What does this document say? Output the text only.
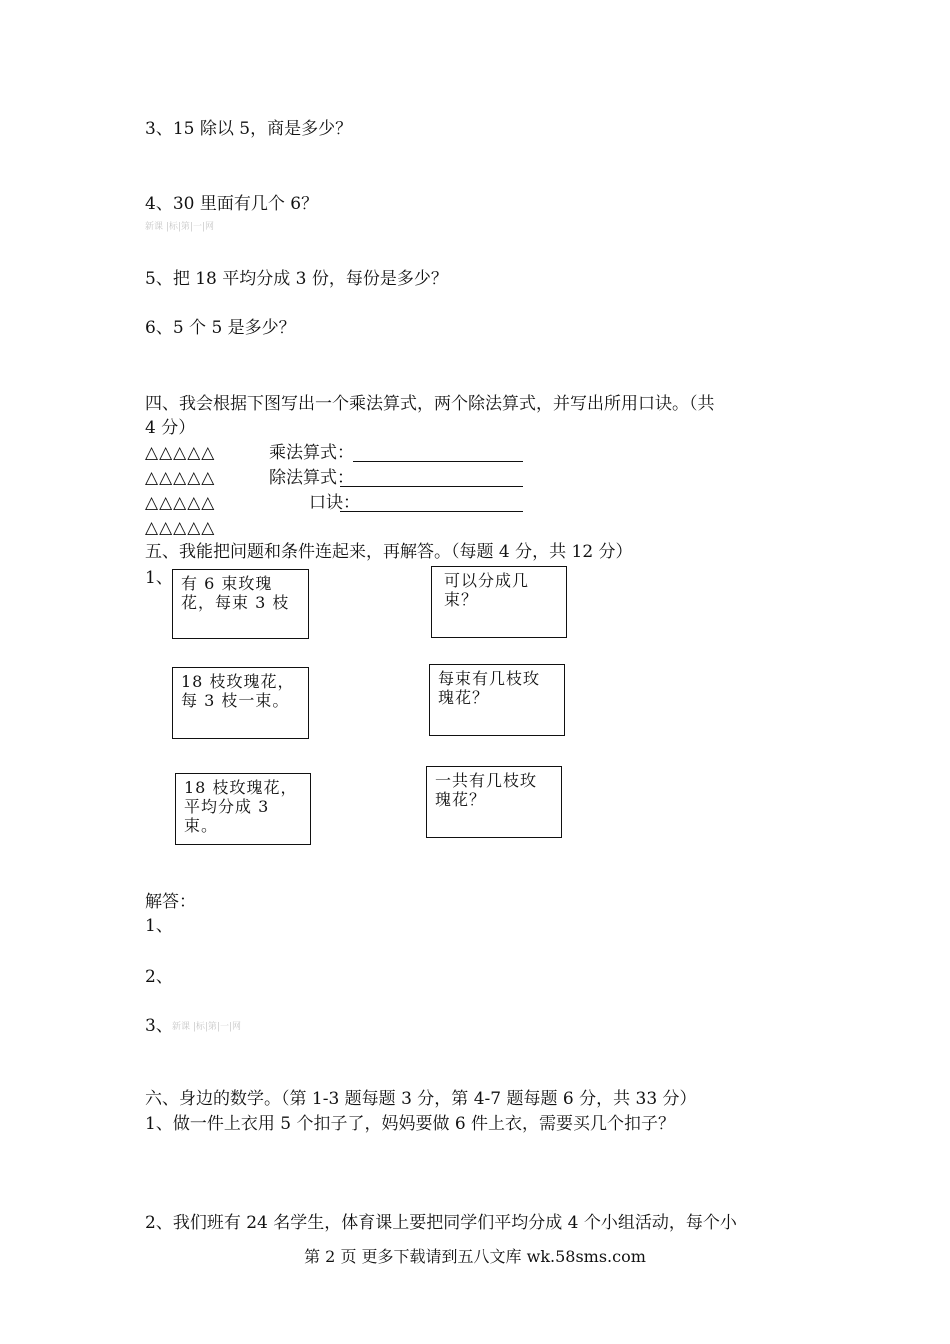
3、15 除以 5，商是多少？
4、30 里面有几个 6？
新课 |标|第|一|网
5、把 18 平均分成 3 份，每份是多少？
6、5 个 5 是多少？
四、我会根据下图写出一个乘法算式，两个除法算式，并写出所用口诀。（共
4 分）
△△△△△
△△△△△
△△△△△
△△△△△
乘法算式：
除法算式：
口诀：
五、我能把问题和条件连起来，再解答。（每题 4 分，共 12 分）
1、 有 6 束玫瑰花，每束 3 枝
18 枝玫瑰花，每 3 枝一束。
18 枝玫瑰花，平均分成 3 束。
可以分成几束？
每束有几枝玫瑰花？
一共有几枝玫瑰花？
解答：
1、
2、
3、 新课 |标|第|一|网
六、身边的数学。（第 1-3 题每题 3 分，第 4-7 题每题 6 分，共 33 分）
1、做一件上衣用 5 个扣子了，妈妈要做 6 件上衣，需要买几个扣子？
2、我们班有 24 名学生，体育课上要把同学们平均分成 4 个小组活动，每个小
第 2 页 更多下载请到五八文库 wk.58sms.com
